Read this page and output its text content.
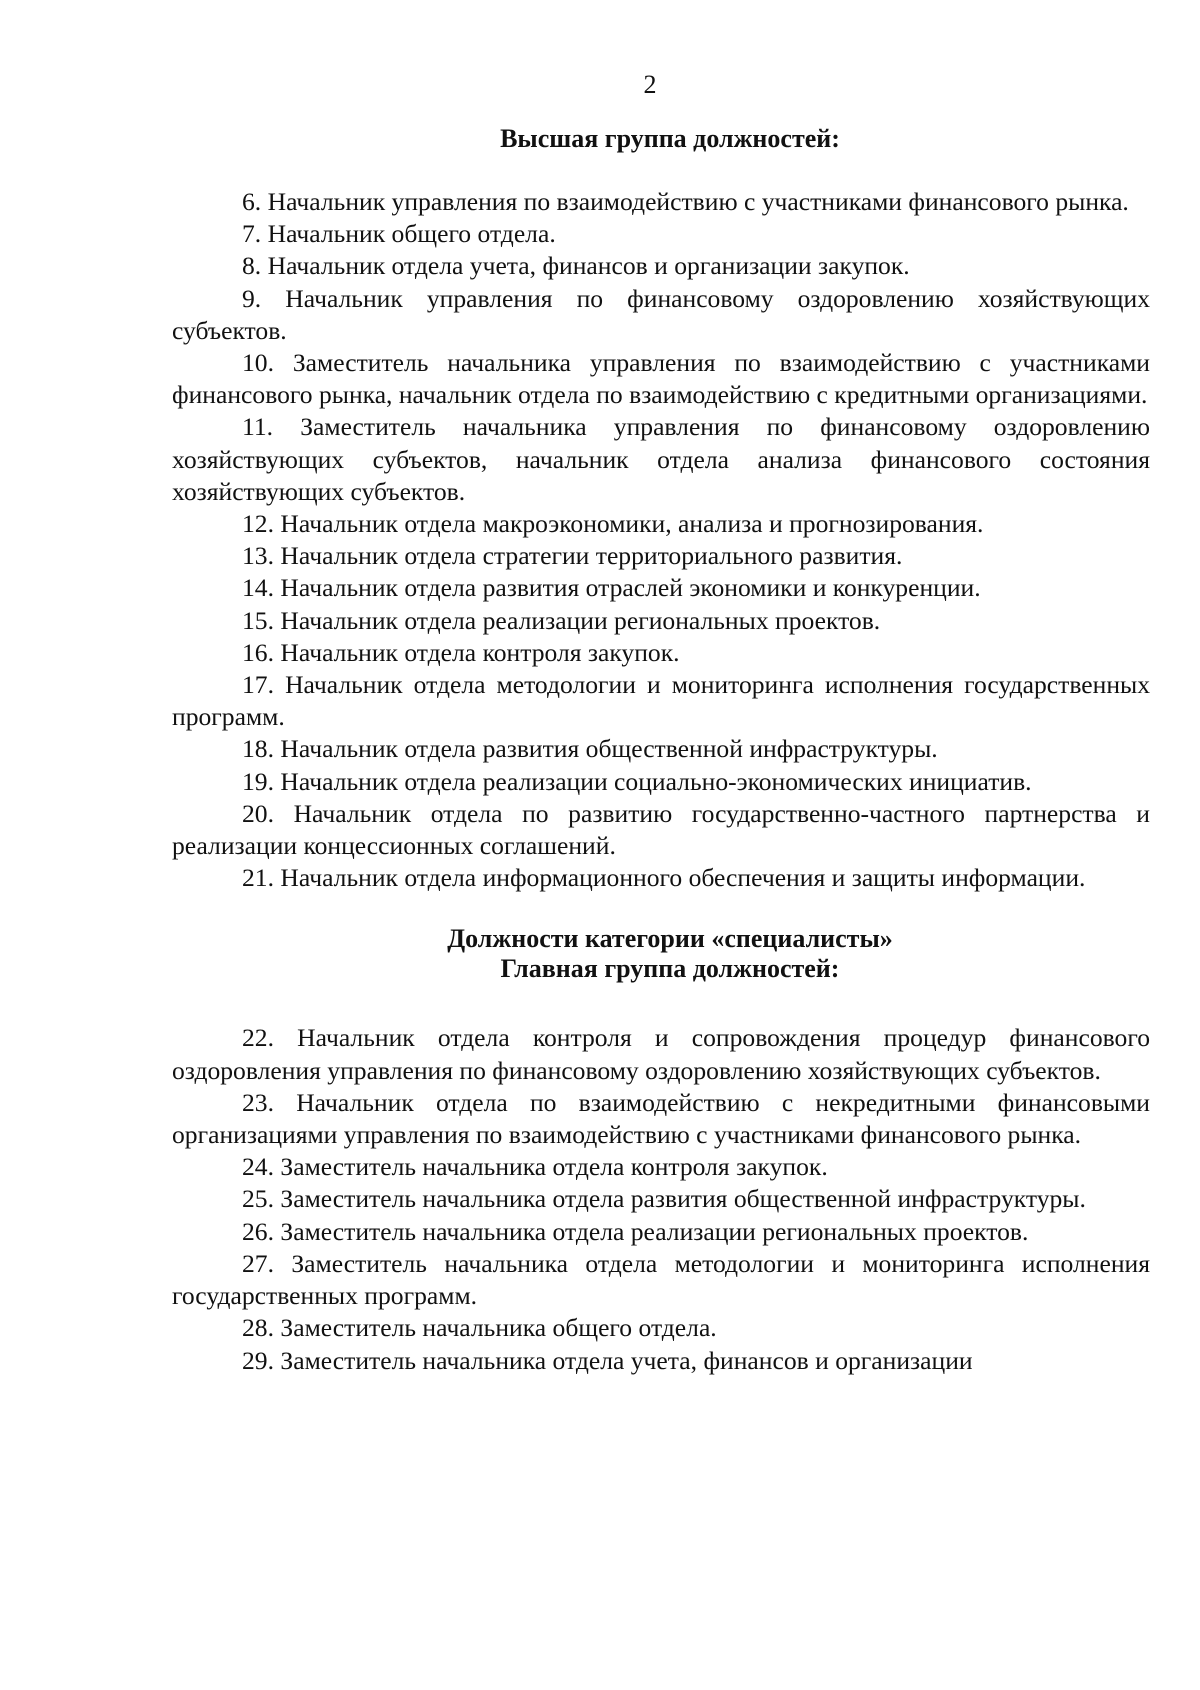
2

Высшая группа должностей:

6. Начальник управления по взаимодействию с участниками финансового рынка.

7. Начальник общего отдела.

8. Начальник отдела учета, финансов и организации закупок.

9. Начальник управления по финансовому оздоровлению хозяйствующих субъектов.

10. Заместитель начальника управления по взаимодействию с участниками финансового рынка, начальник отдела по взаимодействию с кредитными организациями.

11. Заместитель начальника управления по финансовому оздоровлению хозяйствующих субъектов, начальник отдела анализа финансового состояния хозяйствующих субъектов.

12. Начальник отдела макроэкономики, анализа и прогнозирования.

13. Начальник отдела стратегии территориального развития.

14. Начальник отдела развития отраслей экономики и конкуренции.

15. Начальник отдела реализации региональных проектов.

16. Начальник отдела контроля закупок.

17. Начальник отдела методологии и мониторинга исполнения государственных программ.

18. Начальник отдела развития общественной инфраструктуры.

19. Начальник отдела реализации социально-экономических инициатив.

20. Начальник отдела по развитию государственно-частного партнерства и реализации концессионных соглашений.

21. Начальник отдела информационного обеспечения и защиты информации.

Должности категории «специалисты»

Главная группа должностей:

22. Начальник отдела контроля и сопровождения процедур финансового оздоровления управления по финансовому оздоровлению хозяйствующих субъектов.

23. Начальник отдела по взаимодействию с некредитными финансовыми организациями управления по взаимодействию с участниками финансового рынка.

24. Заместитель начальника отдела контроля закупок.

25. Заместитель начальника отдела развития общественной инфраструктуры.

26. Заместитель начальника отдела реализации региональных проектов.

27. Заместитель начальника отдела методологии и мониторинга исполнения государственных программ.

28. Заместитель начальника общего отдела.

29. Заместитель начальника отдела учета, финансов и организации
